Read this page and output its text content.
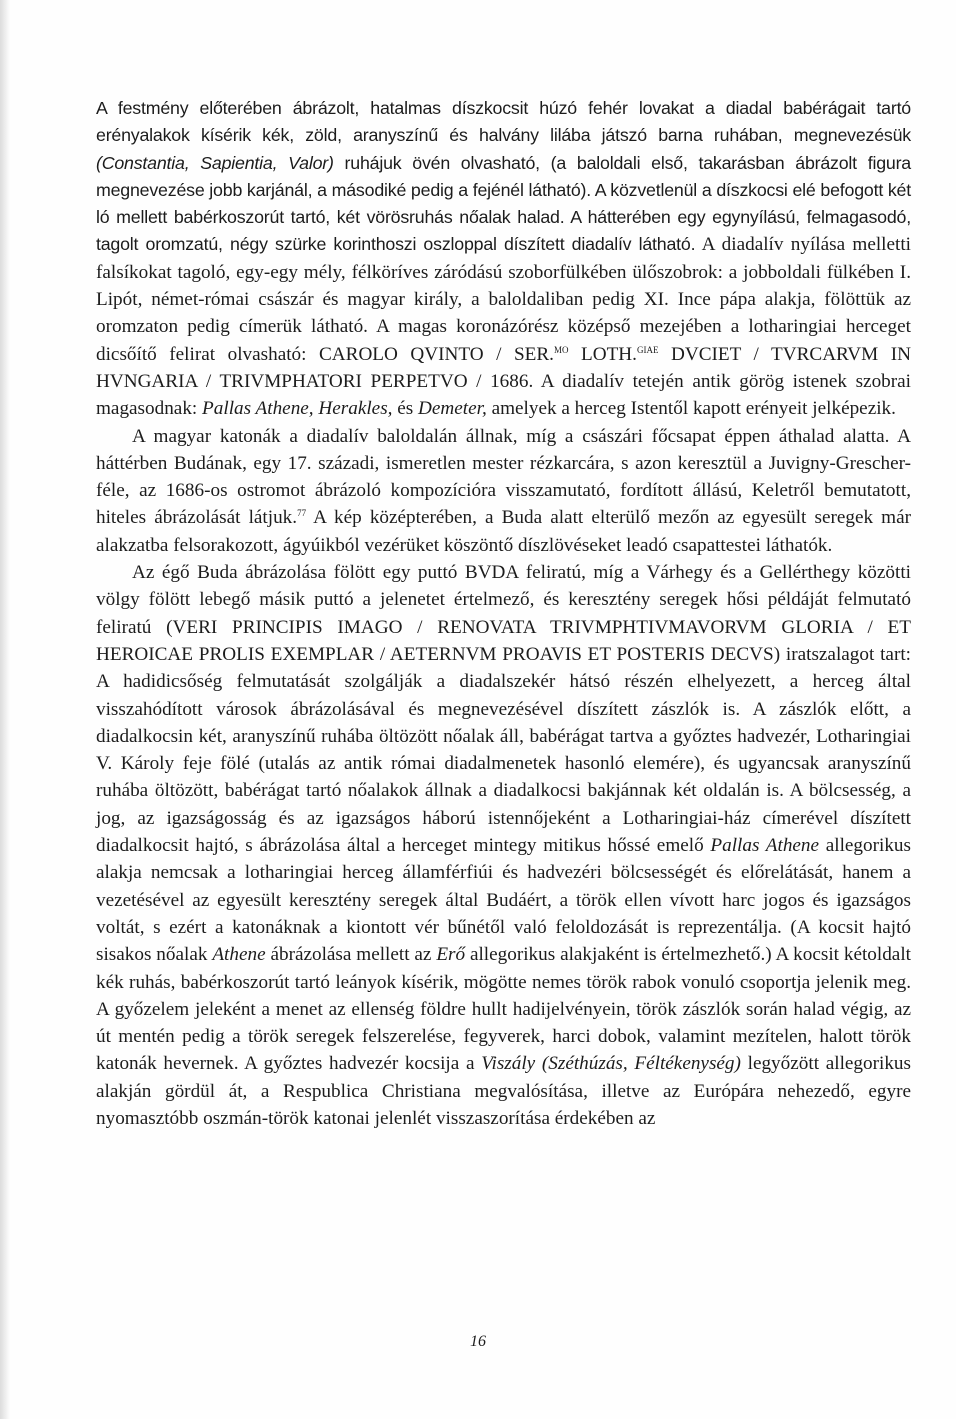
A festmény előterében ábrázolt, hatalmas díszkocsit húzó fehér lovakat a diadal babérágait tartó erényalakok kísérik kék, zöld, aranyszínű és halvány lilába játszó barna ruhában, megnevezésük (Constantia, Sapientia, Valor) ruhájuk övén olvasható, (a baloldali első, takarásban ábrázolt figura megnevezése jobb karjánál, a másodiké pedig a fejénél látható). A közvetlenül a díszkocsi elé befogott két ló mellett babérkoszorút tartó, két vörösruhás nőalak halad. A hátterében egy egynyílású, felmagasodó, tagolt oromzatú, négy szürke korinthoszi oszloppal díszített diadalív látható. A diadalív nyílása melletti falsíkokat tagoló, egy-egy mély, félköríves záródású szoborfülkében ülőszobrok: a jobboldali fülkében I. Lipót, német-római császár és magyar király, a baloldaliban pedig XI. Ince pápa alakja, fölöttük az oromzaton pedig címerük látható. A magas koronázórész középső mezejében a lotharingiai herceget dicsőítő felirat olvasható: CAROLO QVINTO / SER.$^{MO}$ LOTH.$^{GIAE}$ DVCIET / TVRCARVM IN HVNGARIA / TRIVMPHATORI PERPETVO / 1686. A diadalív tetején antik görög istenek szobrai magasodnak: Pallas Athene, Herakles, és Demeter, amelyek a herceg Istentől kapott erényeit jelképezik.

A magyar katonák a diadalív baloldalán állnak, míg a császári főcsapat éppen áthalad alatta. A háttérben Budának, egy 17. századi, ismeretlen mester rézkarcára, s azon keresztül a Juvigny-Grescher-féle, az 1686-os ostromot ábrázoló kompozícióra visszamutató, fordított állású, Keletről bemutatott, hiteles ábrázolását látjuk.$^{77}$ A kép középterében, a Buda alatt elterülő mezőn az egyesült seregek már alakzatba felsorakozott, ágyúikból vezérüket köszöntő díszlövéseket leadó csapattestei láthatók.

Az égő Buda ábrázolása fölött egy puttó BVDA feliratú, míg a Várhegy és a Gellérthegy közötti völgy fölött lebegő másik puttó a jelenetet értelmező, és keresztény seregek hősi példáját felmutató feliratú (VERI PRINCIPIS IMAGO / RENOVATA TRIVMPHTIVMAVORVM GLORIA / ET HEROICAE PROLIS EXEMPLAR / AETERNVM PROAVIS ET POSTERIS DECVS) iratszalagot tart: A hadidicsőség felmutatását szolgálják a diadalszekér hátsó részén elhelyezett, a herceg által visszahódított városok ábrázolásával és megnevezésével díszített zászlók is. A zászlók előtt, a diadalkocsin két, aranyszínű ruhába öltözött nőalak áll, babérágat tartva a győztes hadvezér, Lotharingiai V. Károly feje fölé (utalás az antik római diadalmenetek hasonló elemére), és ugyancsak aranyszínű ruhába öltözött, babérágat tartó nőalakok állnak a diadalkocsi bakjánnak két oldalán is. A bölcsesség, a jog, az igazságosság és az igazságos háború istennőjeként a Lotharingiai-ház címerével díszített diadalkocsit hajtó, s ábrázolása által a herceget mintegy mitikus hőssé emelő Pallas Athene allegorikus alakja nemcsak a lotharingiai herceg államférfiúi és hadvezéri bölcsességét és előrelátását, hanem a vezetésével az egyesült keresztény seregek által Budáért, a török ellen vívott harc jogos és igazságos voltát, s ezért a katonáknak a kiontott vér bűnétől való feloldozását is reprezentálja. (A kocsit hajtó sisakos nőalak Athene ábrázolása mellett az Erő allegorikus alakjaként is értelmezhető.) A kocsit kétoldalt kék ruhás, babérkoszorút tartó leányok kísérik, mögötte nemes török rabok vonuló csoportja jelenik meg. A győzelem jeleként a menet az ellenség földre hullt hadijelvényein, török zászlók során halad végig, az út mentén pedig a török seregek felszerelése, fegyverek, harci dobok, valamint mezítelen, halott török katonák hevernek. A győztes hadvezér kocsija a Viszály (Széthúzás, Féltékenység) legyőzött allegorikus alakján gördül át, a Respublica Christiana megvalósítása, illetve az Európára nehezedő, egyre nyomasztóbb oszmán-török katonai jelenlét visszaszorítása érdekében az

16
